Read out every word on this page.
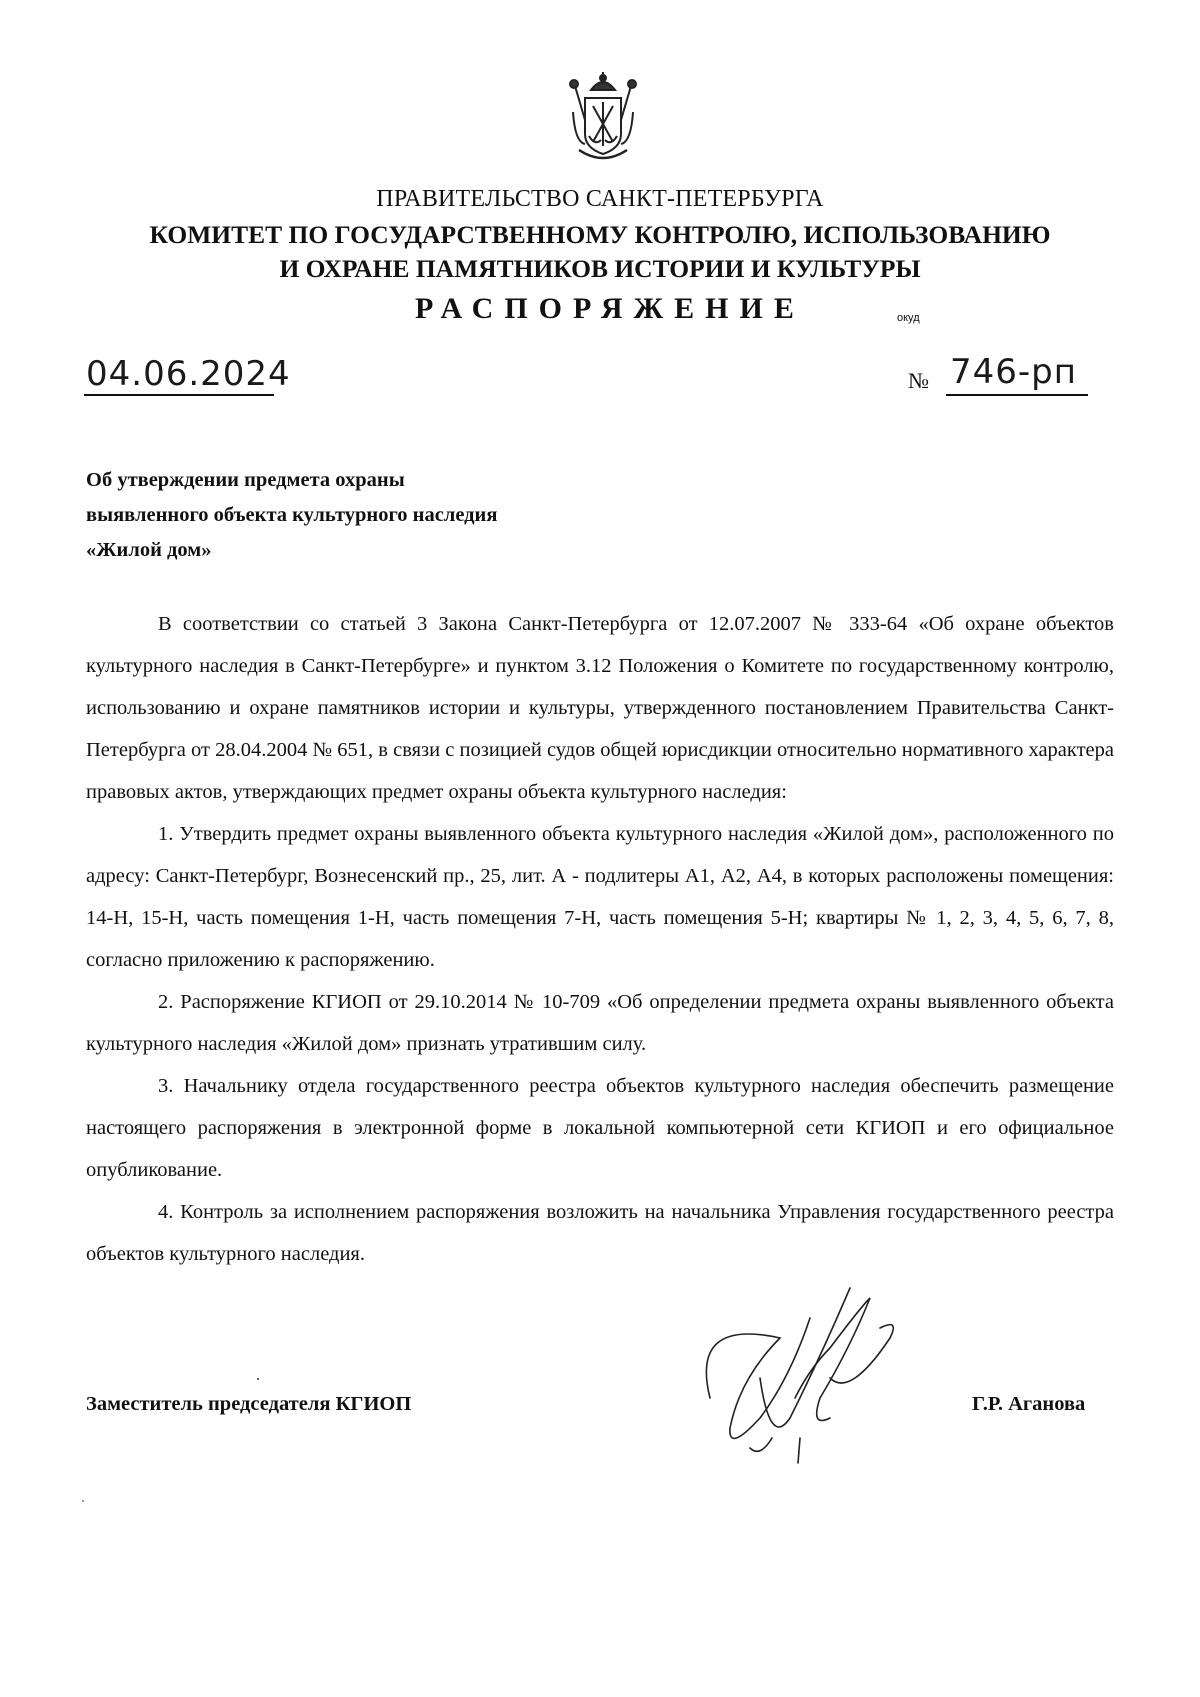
ПРАВИТЕЛЬСТВО САНКТ-ПЕТЕРБУРГА
КОМИТЕТ ПО ГОСУДАРСТВЕННОМУ КОНТРОЛЮ, ИСПОЛЬЗОВАНИЮ
И ОХРАНЕ ПАМЯТНИКОВ ИСТОРИИ И КУЛЬТУРЫ
РАСПОРЯЖЕНИЕ	окуд
04.06.2024	№ 746-рп
Об утверждении предмета охраны
выявленного объекта культурного наследия
«Жилой дом»

В соответствии со статьей 3 Закона Санкт-Петербурга от 12.07.2007 № 333-64 «Об охране объектов культурного наследия в Санкт-Петербурге» и пунктом 3.12 Положения о Комитете по государственному контролю, использованию и охране памятников истории и культуры, утвержденного постановлением Правительства Санкт-Петербурга от 28.04.2004 № 651, в связи с позицией судов общей юрисдикции относительно нормативного характера правовых актов, утверждающих предмет охраны объекта культурного наследия:

1. Утвердить предмет охраны выявленного объекта культурного наследия «Жилой дом», расположенного по адресу: Санкт-Петербург, Вознесенский пр., 25, лит. А - подлитеры А1, А2, А4, в которых расположены помещения: 14-Н, 15-Н, часть помещения 1-Н, часть помещения 7-Н, часть помещения 5-Н; квартиры № 1, 2, 3, 4, 5, 6, 7, 8, согласно приложению к распоряжению.

2. Распоряжение КГИОП от 29.10.2014 № 10-709 «Об определении предмета охраны выявленного объекта культурного наследия «Жилой дом» признать утратившим силу.

3. Начальнику отдела государственного реестра объектов культурного наследия обеспечить размещение настоящего распоряжения в электронной форме в локальной компьютерной сети КГИОП и его официальное опубликование.

4. Контроль за исполнением распоряжения возложить на начальника Управления государственного реестра объектов культурного наследия.

Заместитель председателя КГИОП	Г.Р. Аганова
